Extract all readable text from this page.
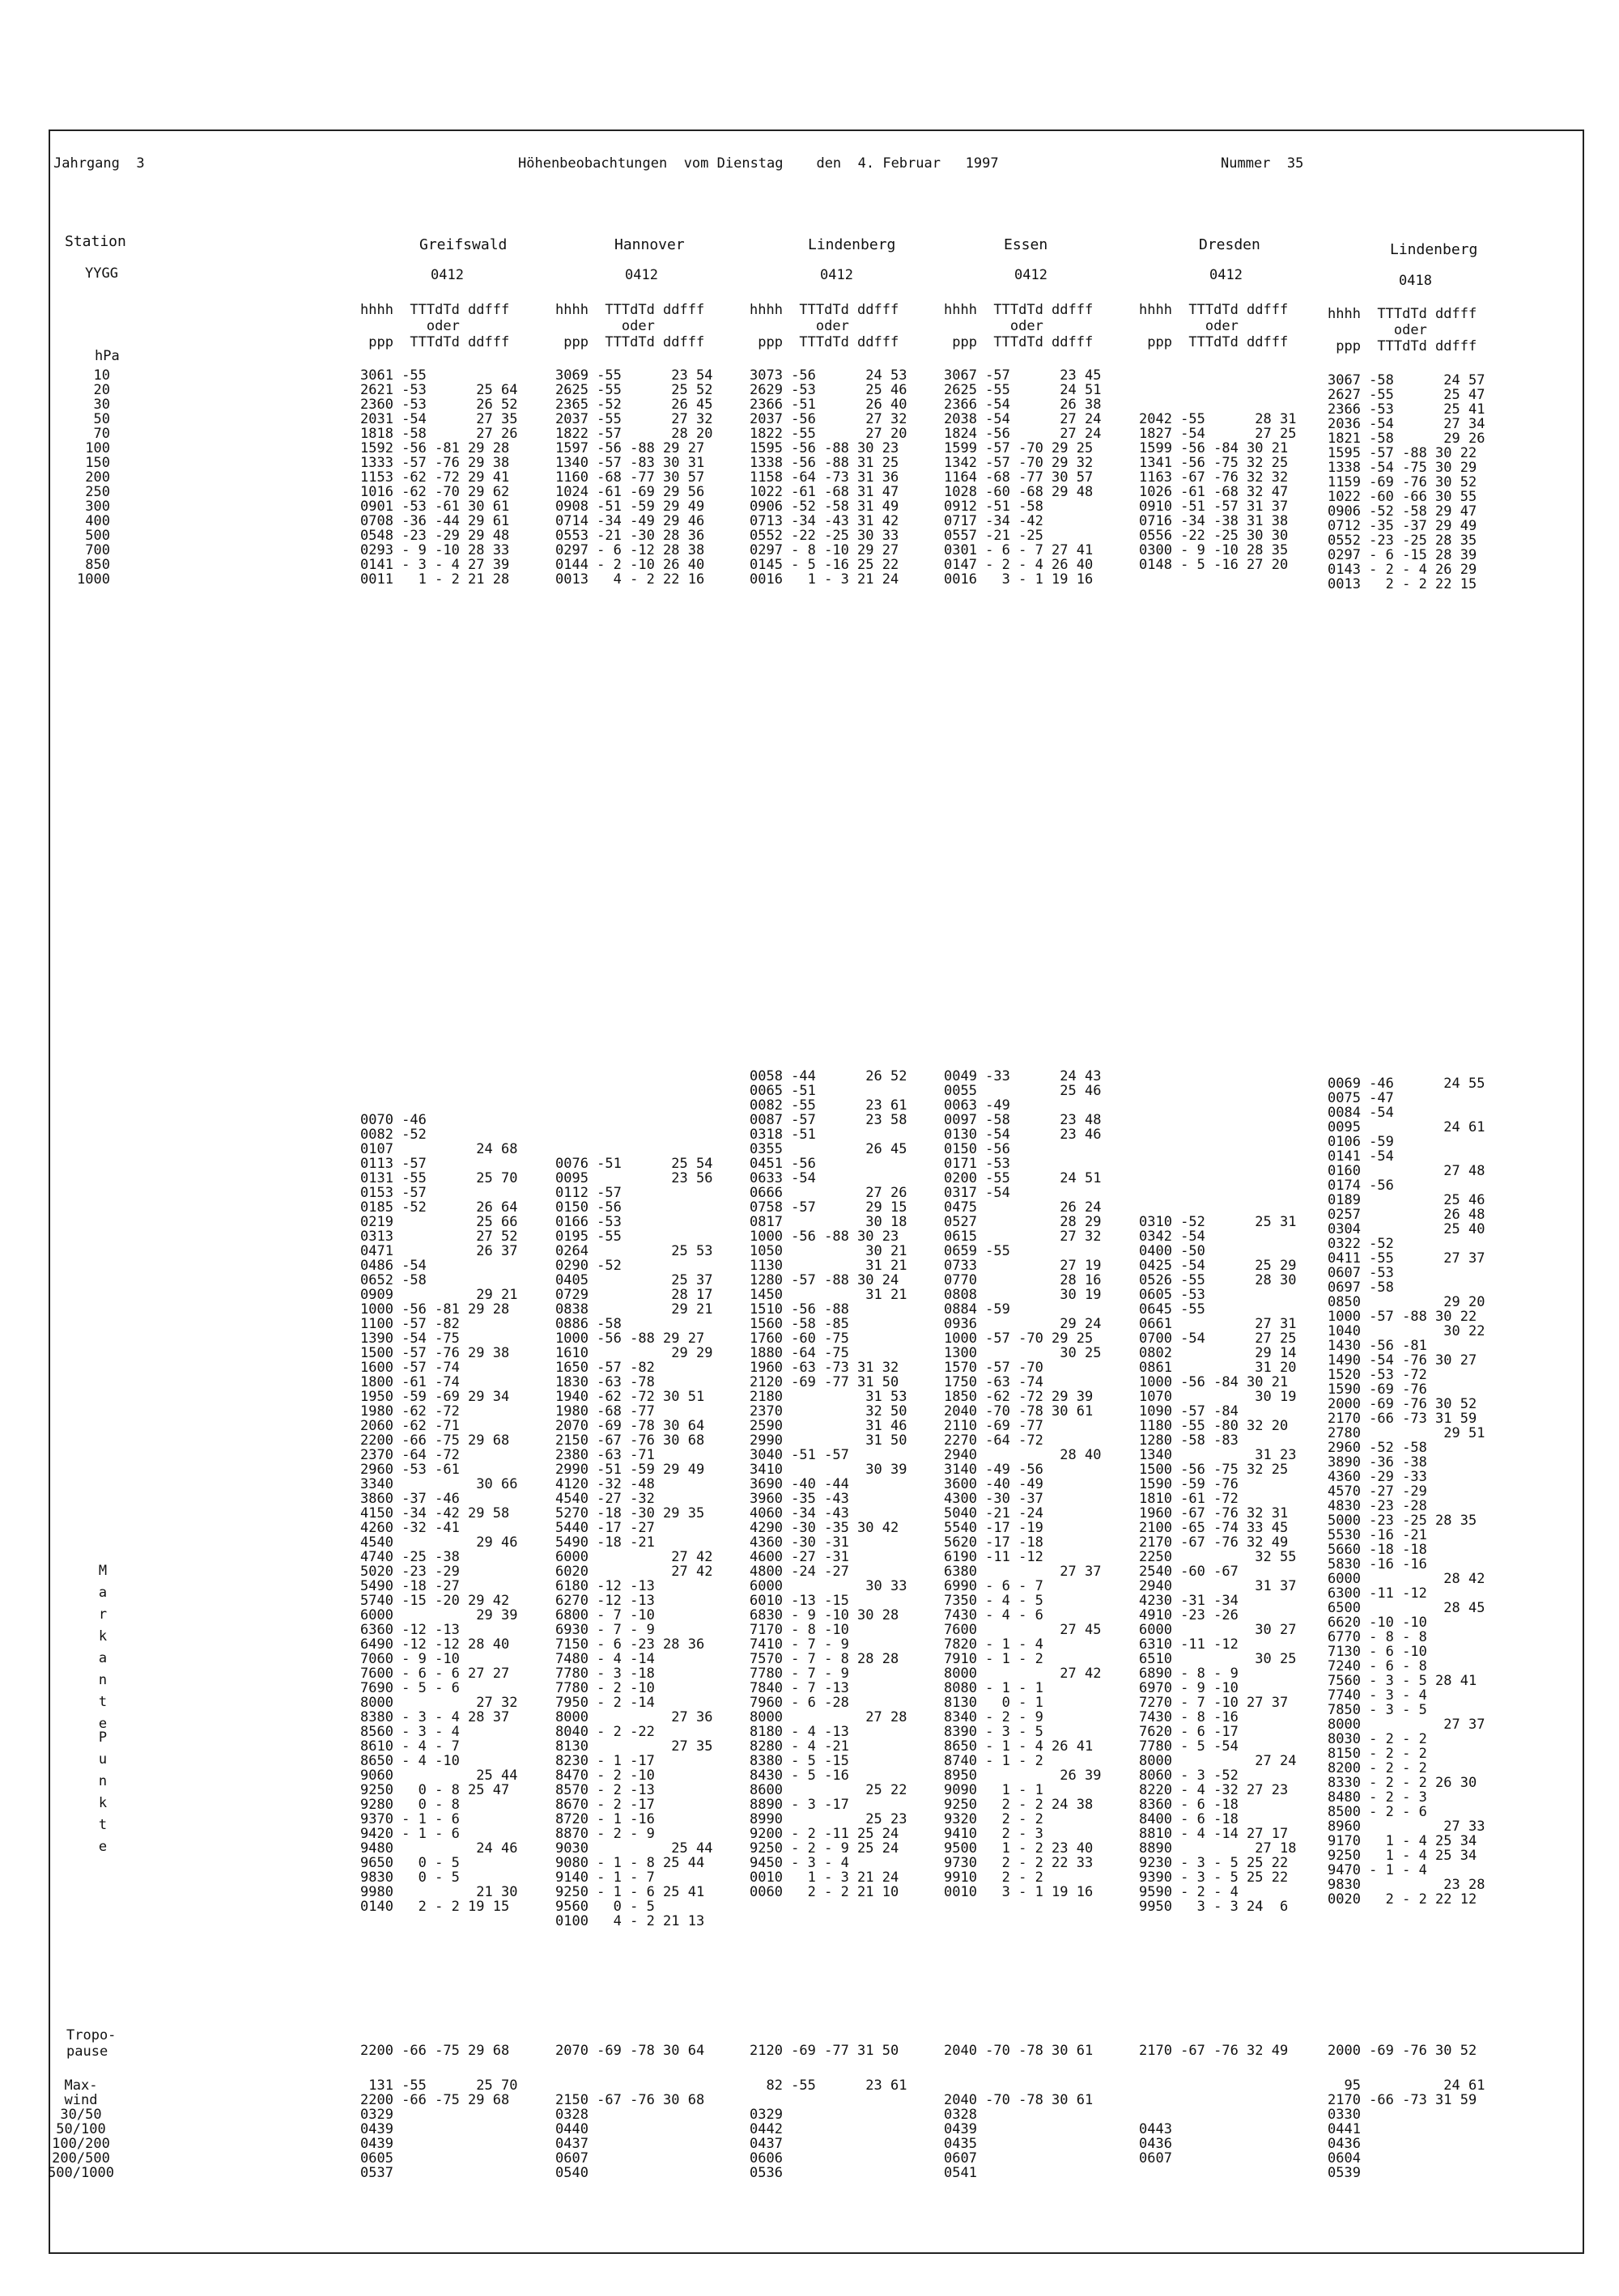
Jahrgang  3	Höhenbeobachtungen  vom Dienstag    den  4. Februar   1997	Nummer  35
Station
YYGG
hPa
10
20
30
50
70
100
150
200
250
300
400
500
700
850
1000
M
a
r
k
a
n
t
e
P
u
n
k
t
e
Tropo-
pause
Max-
wind
30/50
50/100
100/200
200/500
500/1000
Greifswald
0412
hhhh  TTTdTd ddfff
oder
ppp  TTTdTd ddfff
3061 -55
2621 -53      25 64
2360 -53      26 52
2031 -54      27 35
1818 -58      27 26
1592 -56 -81 29 28
1333 -57 -76 29 38
1153 -62 -72 29 41
1016 -62 -70 29 62
0901 -53 -61 30 61
0708 -36 -44 29 61
0548 -23 -29 29 48
0293 - 9 -10 28 33
0141 - 3 - 4 27 39
0011   1 - 2 21 28

0070 -46
0082 -52
0107          24 68
0113 -57
0131 -55      25 70
0153 -57
0185 -52      26 64
0219          25 66
0313          27 52
0471          26 37
0486 -54
0652 -58
0909          29 21
1000 -56 -81 29 28
1100 -57 -82
1390 -54 -75
1500 -57 -76 29 38
1600 -57 -74
1800 -61 -74
1950 -59 -69 29 34
1980 -62 -72
2060 -62 -71
2200 -66 -75 29 68
2370 -64 -72
2960 -53 -61
3340          30 66
3860 -37 -46
4150 -34 -42 29 58
4260 -32 -41
4540          29 46
4740 -25 -38
5020 -23 -29
5490 -18 -27
5740 -15 -20 29 42
6000          29 39
6360 -12 -13
6490 -12 -12 28 40
7060 - 9 -10
7600 - 6 - 6 27 27
7690 - 5 - 6
8000          27 32
8380 - 3 - 4 28 37
8560 - 3 - 4
8610 - 4 - 7
8650 - 4 -10
9060          25 44
9250   0 - 8 25 47
9280   0 - 8
9370 - 1 - 6
9420 - 1 - 6
9480          24 46
9650   0 - 5
9830   0 - 5
9980          21 30
0140   2 - 2 19 15
2200 -66 -75 29 68
131 -55      25 70
2200 -66 -75 29 68
0329
0439
0439
0605
0537
Hannover
0412
hhhh  TTTdTd ddfff
oder
ppp  TTTdTd ddfff
3069 -55      23 54
2625 -55      25 52
2365 -52      26 45
2037 -55      27 32
1822 -57      28 20
1597 -56 -88 29 27
1340 -57 -83 30 31
1160 -68 -77 30 57
1024 -61 -69 29 56
0908 -51 -59 29 49
0714 -34 -49 29 46
0553 -21 -30 28 36
0297 - 6 -12 28 38
0144 - 2 -10 26 40
0013   4 - 2 22 16

0076 -51      25 54
0095          23 56
0112 -57
0150 -56
0166 -53
0195 -55
0264          25 53
0290 -52
0405          25 37
0729          28 17
0838          29 21
0886 -58
1000 -56 -88 29 27
1610          29 29
1650 -57 -82
1830 -63 -78
1940 -62 -72 30 51
1980 -68 -77
2070 -69 -78 30 64
2150 -67 -76 30 68
2380 -63 -71
2990 -51 -59 29 49
4120 -32 -48
4540 -27 -32
5270 -18 -30 29 35
5440 -17 -27
5490 -18 -21
6000          27 42
6020          27 42
6180 -12 -13
6270 -12 -13
6800 - 7 -10
6930 - 7 - 9
7150 - 6 -23 28 36
7480 - 4 -14
7780 - 3 -18
7780 - 2 -10
7950 - 2 -14
8000          27 36
8040 - 2 -22
8130          27 35
8230 - 1 -17
8470 - 2 -10
8570 - 2 -13
8670 - 2 -17
8720 - 1 -16
8870 - 2 - 9
9030          25 44
9080 - 1 - 8 25 44
9140 - 1 - 7
9250 - 1 - 6 25 41
9560   0 - 5
0100   4 - 2 21 13
2070 -69 -78 30 64

2150 -67 -76 30 68
0328
0440
0437
0607
0540
Lindenberg
0412
hhhh  TTTdTd ddfff
oder
ppp  TTTdTd ddfff
3073 -56      24 53
2629 -53      25 46
2366 -51      26 40
2037 -56      27 32
1822 -55      27 20
1595 -56 -88 30 23
1338 -56 -88 31 25
1158 -64 -73 31 36
1022 -61 -68 31 47
0906 -52 -58 31 49
0713 -34 -43 31 42
0552 -22 -25 30 33
0297 - 8 -10 29 27
0145 - 5 -16 25 22
0016   1 - 3 21 24
0058 -44      26 52
0065 -51
0082 -55      23 61
0087 -57      23 58
0318 -51
0355          26 45
0451 -56
0633 -54
0666          27 26
0758 -57      29 15
0817          30 18
1000 -56 -88 30 23
1050          30 21
1130          31 21
1280 -57 -88 30 24
1450          31 21
1510 -56 -88
1560 -58 -85
1760 -60 -75
1880 -64 -75
1960 -63 -73 31 32
2120 -69 -77 31 50
2180          31 53
2370          32 50
2590          31 46
2990          31 50
3040 -51 -57
3410          30 39
3690 -40 -44
3960 -35 -43
4060 -34 -43
4290 -30 -35 30 42
4360 -30 -31
4600 -27 -31
4800 -24 -27
6000          30 33
6010 -13 -15
6830 - 9 -10 30 28
7170 - 8 -10
7410 - 7 - 9
7570 - 7 - 8 28 28
7780 - 7 - 9
7840 - 7 -13
7960 - 6 -28
8000          27 28
8180 - 4 -13
8280 - 4 -21
8380 - 5 -15
8430 - 5 -16
8600          25 22
8890 - 3 -17
8990          25 23
9200 - 2 -11 25 24
9250 - 2 - 9 25 24
9450 - 3 - 4
0010   1 - 3 21 24
0060   2 - 2 21 10
2120 -69 -77 31 50
82 -55      23 61

0329
0442
0437
0606
0536
Essen
0412
hhhh  TTTdTd ddfff
oder
ppp  TTTdTd ddfff
3067 -57      23 45
2625 -55      24 51
2366 -54      26 38
2038 -54      27 24
1824 -56      27 24
1599 -57 -70 29 25
1342 -57 -70 29 32
1164 -68 -77 30 57
1028 -60 -68 29 48
0912 -51 -58
0717 -34 -42
0557 -21 -25
0301 - 6 - 7 27 41
0147 - 2 - 4 26 40
0016   3 - 1 19 16
0049 -33      24 43
0055          25 46
0063 -49
0097 -58      23 48
0130 -54      23 46
0150 -56
0171 -53
0200 -55      24 51
0317 -54
0475          26 24
0527          28 29
0615          27 32
0659 -55
0733          27 19
0770          28 16
0808          30 19
0884 -59
0936          29 24
1000 -57 -70 29 25
1300          30 25
1570 -57 -70
1750 -63 -74
1850 -62 -72 29 39
2040 -70 -78 30 61
2110 -69 -77
2270 -64 -72
2940          28 40
3140 -49 -56
3600 -40 -49
4300 -30 -37
5040 -21 -24
5540 -17 -19
5620 -17 -18
6190 -11 -12
6380          27 37
6990 - 6 - 7
7350 - 4 - 5
7430 - 4 - 6
7600          27 45
7820 - 1 - 4
7910 - 1 - 2
8000          27 42
8080 - 1 - 1
8130   0 - 1
8340 - 2 - 9
8390 - 3 - 5
8650 - 1 - 4 26 41
8740 - 1 - 2
8950          26 39
9090   1 - 1
9250   2 - 2 24 38
9320   2 - 2
9410   2 - 3
9500   1 - 2 23 40
9730   2 - 2 22 33
9910   2 - 2
0010   3 - 1 19 16
2040 -70 -78 30 61

2040 -70 -78 30 61
0328
0439
0435
0607
0541
Dresden
0412
hhhh  TTTdTd ddfff
oder
ppp  TTTdTd ddfff

2042 -55      28 31
1827 -54      27 25
1599 -56 -84 30 21
1341 -56 -75 32 25
1163 -67 -76 32 32
1026 -61 -68 32 47
0910 -51 -57 31 37
0716 -34 -38 31 38
0556 -22 -25 30 30
0300 - 9 -10 28 35
0148 - 5 -16 27 20

0310 -52      25 31
0342 -54
0400 -50
0425 -54      25 29
0526 -55      28 30
0605 -53
0645 -55
0661          27 31
0700 -54      27 25
0802          29 14
0861          31 20
1000 -56 -84 30 21
1070          30 19
1090 -57 -84
1180 -55 -80 32 20
1280 -58 -83
1340          31 23
1500 -56 -75 32 25
1590 -59 -76
1810 -61 -72
1960 -67 -76 32 31
2100 -65 -74 33 45
2170 -67 -76 32 49
2250          32 55
2540 -60 -67
2940          31 37
4230 -31 -34
4910 -23 -26
6000          30 27
6310 -11 -12
6510          30 25
6890 - 8 - 9
6970 - 9 -10
7270 - 7 -10 27 37
7430 - 8 -16
7620 - 6 -17
7780 - 5 -54
8000          27 24
8060 - 3 -52
8220 - 4 -32 27 23
8360 - 6 -18
8400 - 6 -18
8810 - 4 -14 27 17
8890          27 18
9230 - 3 - 5 25 22
9390 - 3 - 5 25 22
9590 - 2 - 4
9950   3 - 3 24  6
2170 -67 -76 32 49

0443
0436
0607

Lindenberg
0418
hhhh  TTTdTd ddfff
oder
ppp  TTTdTd ddfff
3067 -58      24 57
2627 -55      25 47
2366 -53      25 41
2036 -54      27 34
1821 -58      29 26
1595 -57 -88 30 22
1338 -54 -75 30 29
1159 -69 -76 30 52
1022 -60 -66 30 55
0906 -52 -58 29 47
0712 -35 -37 29 49
0552 -23 -25 28 35
0297 - 6 -15 28 39
0143 - 2 - 4 26 29
0013   2 - 2 22 15
0069 -46      24 55
0075 -47
0084 -54
0095          24 61
0106 -59
0141 -54
0160          27 48
0174 -56
0189          25 46
0257          26 48
0304          25 40
0322 -52
0411 -55      27 37
0607 -53
0697 -58
0850          29 20
1000 -57 -88 30 22
1040          30 22
1430 -56 -81
1490 -54 -76 30 27
1520 -53 -72
1590 -69 -76
2000 -69 -76 30 52
2170 -66 -73 31 59
2780          29 51
2960 -52 -58
3890 -36 -38
4360 -29 -33
4570 -27 -29
4830 -23 -28
5000 -23 -25 28 35
5530 -16 -21
5660 -18 -18
5830 -16 -16
6000          28 42
6300 -11 -12
6500          28 45
6620 -10 -10
6770 - 8 - 8
7130 - 6 -10
7240 - 6 - 8
7560 - 3 - 5 28 41
7740 - 3 - 4
7850 - 3 - 5
8000          27 37
8030 - 2 - 2
8150 - 2 - 2
8200 - 2 - 2
8330 - 2 - 2 26 30
8480 - 2 - 3
8500 - 2 - 6
8960          27 33
9170   1 - 4 25 34
9250   1 - 4 25 34
9470 - 1 - 4
9830          23 28
0020   2 - 2 22 12
2000 -69 -76 30 52
95          24 61
2170 -66 -73 31 59
0330
0441
0436
0604
0539
